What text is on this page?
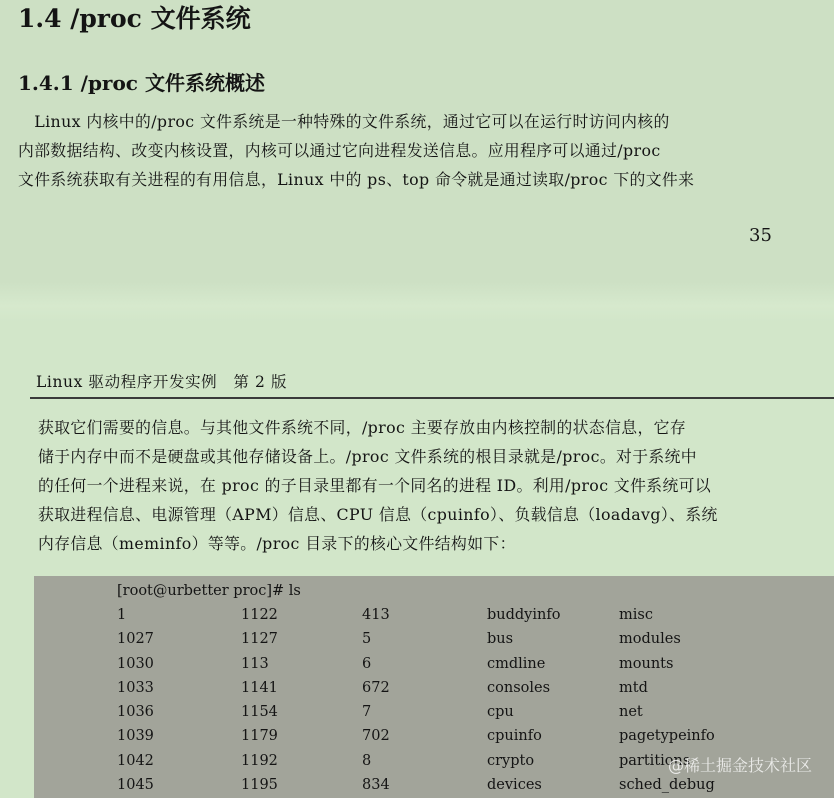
1.4 /proc 文件系统
1.4.1 /proc 文件系统概述
　Linux 内核中的/proc 文件系统是一种特殊的文件系统，通过它可以在运行时访问内核的
内部数据结构、改变内核设置，内核可以通过它向进程发送信息。应用程序可以通过/proc
文件系统获取有关进程的有用信息，Linux 中的 ps、top 命令就是通过读取/proc 下的文件来
35
Linux 驱动程序开发实例　第 2 版
获取它们需要的信息。与其他文件系统不同，/proc 主要存放由内核控制的状态信息，它存
储于内存中而不是硬盘或其他存储设备上。/proc 文件系统的根目录就是/proc。对于系统中
的任何一个进程来说，在 proc 的子目录里都有一个同名的进程 ID。利用/proc 文件系统可以
获取进程信息、电源管理（APM）信息、CPU 信息（cpuinfo）、负载信息（loadavg）、系统
内存信息（meminfo）等等。/proc 目录下的核心文件结构如下：
[root@urbetter proc]# ls
1	1122	413	buddyinfo	misc
1027	1127	5	bus	modules
1030	113	6	cmdline	mounts
1033	1141	672	consoles	mtd
1036	1154	7	cpu	net
1039	1179	702	cpuinfo	pagetypeinfo
1042	1192	8	crypto	partitions
1045	1195	834	devices	sched_debug
@稀土掘金技术社区
